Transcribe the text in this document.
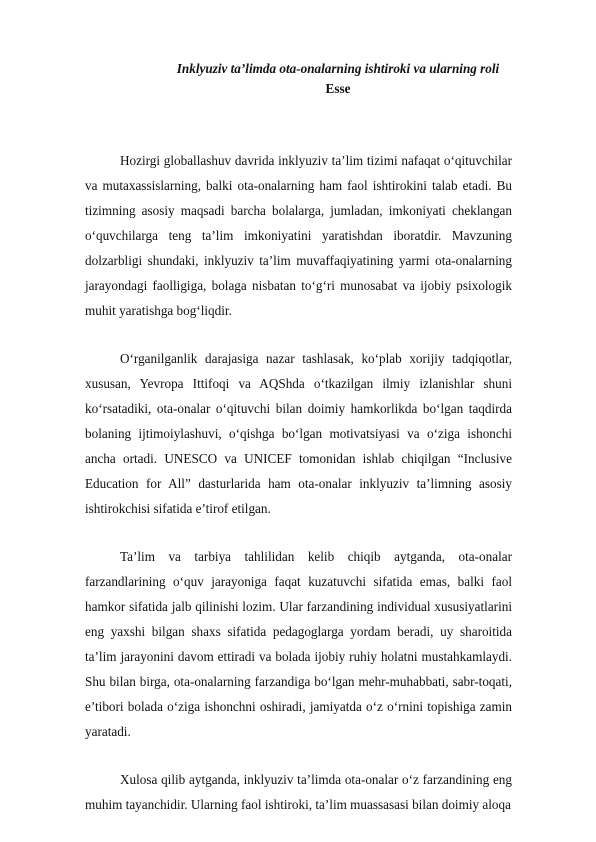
Inklyuziv ta’limda ota-onalarning ishtiroki va ularning roli
Esse

Hozirgi globallashuv davrida inklyuziv ta’lim tizimi nafaqat o‘qituvchilar va mutaxassislarning, balki ota-onalarning ham faol ishtirokini talab etadi. Bu tizimning asosiy maqsadi barcha bolalarga, jumladan, imkoniyati cheklangan o‘quvchilarga teng ta’lim imkoniyatini yaratishdan iboratdir. Mavzuning dolzarbligi shundaki, inklyuziv ta’lim muvaffaqiyatining yarmi ota-onalarning jarayondagi faolligiga, bolaga nisbatan to‘g‘ri munosabat va ijobiy psixologik muhit yaratishga bog‘liqdir.

O‘rganilganlik darajasiga nazar tashlasak, ko‘plab xorijiy tadqiqotlar, xususan, Yevropa Ittifoqi va AQShda o‘tkazilgan ilmiy izlanishlar shuni ko‘rsatadiki, ota-onalar o‘qituvchi bilan doimiy hamkorlikda bo‘lgan taqdirda bolaning ijtimoiylashuvi, o‘qishga bo‘lgan motivatsiyasi va o‘ziga ishonchi ancha ortadi. UNESCO va UNICEF tomonidan ishlab chiqilgan “Inclusive Education for All” dasturlarida ham ota-onalar inklyuziv ta’limning asosiy ishtirokchisi sifatida e’tirof etilgan.

Ta’lim va tarbiya tahlilidan kelib chiqib aytganda, ota-onalar farzandlarining o‘quv jarayoniga faqat kuzatuvchi sifatida emas, balki faol hamkor sifatida jalb qilinishi lozim. Ular farzandining individual xususiyatlarini eng yaxshi bilgan shaxs sifatida pedagoglarga yordam beradi, uy sharoitida ta’lim jarayonini davom ettiradi va bolada ijobiy ruhiy holatni mustahkamlaydi. Shu bilan birga, ota-onalarning farzandiga bo‘lgan mehr-muhabbati, sabr-toqati, e’tibori bolada o‘ziga ishonchni oshiradi, jamiyatda o‘z o‘rnini topishiga zamin yaratadi.

Xulosa qilib aytganda, inklyuziv ta’limda ota-onalar o‘z farzandining eng muhim tayanchidir. Ularning faol ishtiroki, ta’lim muassasasi bilan doimiy aloqa
